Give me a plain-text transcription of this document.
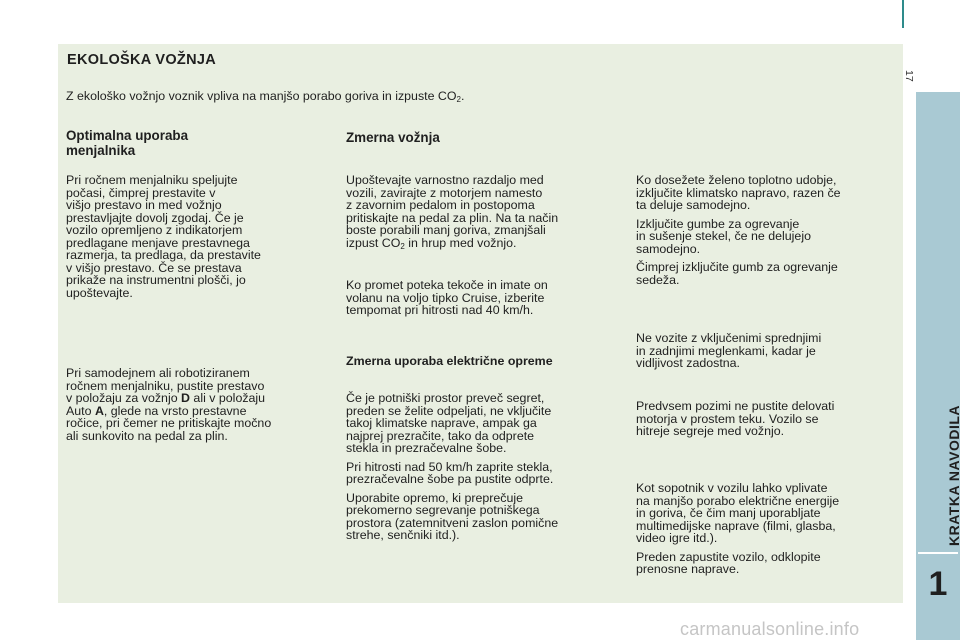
17
KRATKA NAVODILA
1
EKOLOŠKA VOŽNJA
Z ekološko vožnjo voznik vpliva na manjšo porabo goriva in izpuste $CO_2$.
Optimalna uporaba
menjalnika
Pri ročnem menjalniku speljujte
počasi, čimprej prestavite v
višjo prestavo in med vožnjo
prestavljajte dovolj zgodaj. Če je
vozilo opremljeno z indikatorjem
predlagane menjave prestavnega
razmerja, ta predlaga, da prestavite
v višjo prestavo. Če se prestava
prikaže na instrumentni plošči, jo
upoštevajte.
Pri samodejnem ali robotiziranem
ročnem menjalniku, pustite prestavo
v položaju za vožnjo D ali v položaju
Auto A, glede na vrsto prestavne
ročice, pri čemer ne pritiskajte močno
ali sunkovito na pedal za plin.
Zmerna vožnja
Upoštevajte varnostno razdaljo med
vozili, zavirajte z motorjem namesto
z zavornim pedalom in postopoma
pritiskajte na pedal za plin. Na ta način
boste porabili manj goriva, zmanjšali
izpust $CO_2$ in hrup med vožnjo.
Ko promet poteka tekoče in imate on
volanu na voljo tipko Cruise, izberite
tempomat pri hitrosti nad 40 km/h.
Zmerna uporaba električne opreme

Če je potniški prostor preveč segret,
preden se želite odpeljati, ne vključite
takoj klimatske naprave, ampak ga
najprej prezračite, tako da odprete
stekla in prezračevalne šobe.

Pri hitrosti nad 50 km/h zaprite stekla,
prezračevalne šobe pa pustite odprte.

Uporabite opremo, ki preprečuje
prekomerno segrevanje potniškega
prostora (zatemnitveni zaslon pomične
strehe, senčniki itd.).

Ko dosežete želeno toplotno udobje,
izključite klimatsko napravo, razen če
ta deluje samodejno.

Izključite gumbe za ogrevanje
in sušenje stekel, če ne delujejo
samodejno.

Čimprej izključite gumb za ogrevanje
sedeža.

Ne vozite z vključenimi sprednjimi
in zadnjimi meglenkami, kadar je
vidljivost zadostna.
Predvsem pozimi ne pustite delovati
motorja v prostem teku. Vozilo se
hitreje segreje med vožnjo.

Kot sopotnik v vozilu lahko vplivate
na manjšo porabo električne energije
in goriva, če čim manj uporabljate
multimedijske naprave (filmi, glasba,
video igre itd.).

Preden zapustite vozilo, odklopite
prenosne naprave.

carmanualsonline.info
